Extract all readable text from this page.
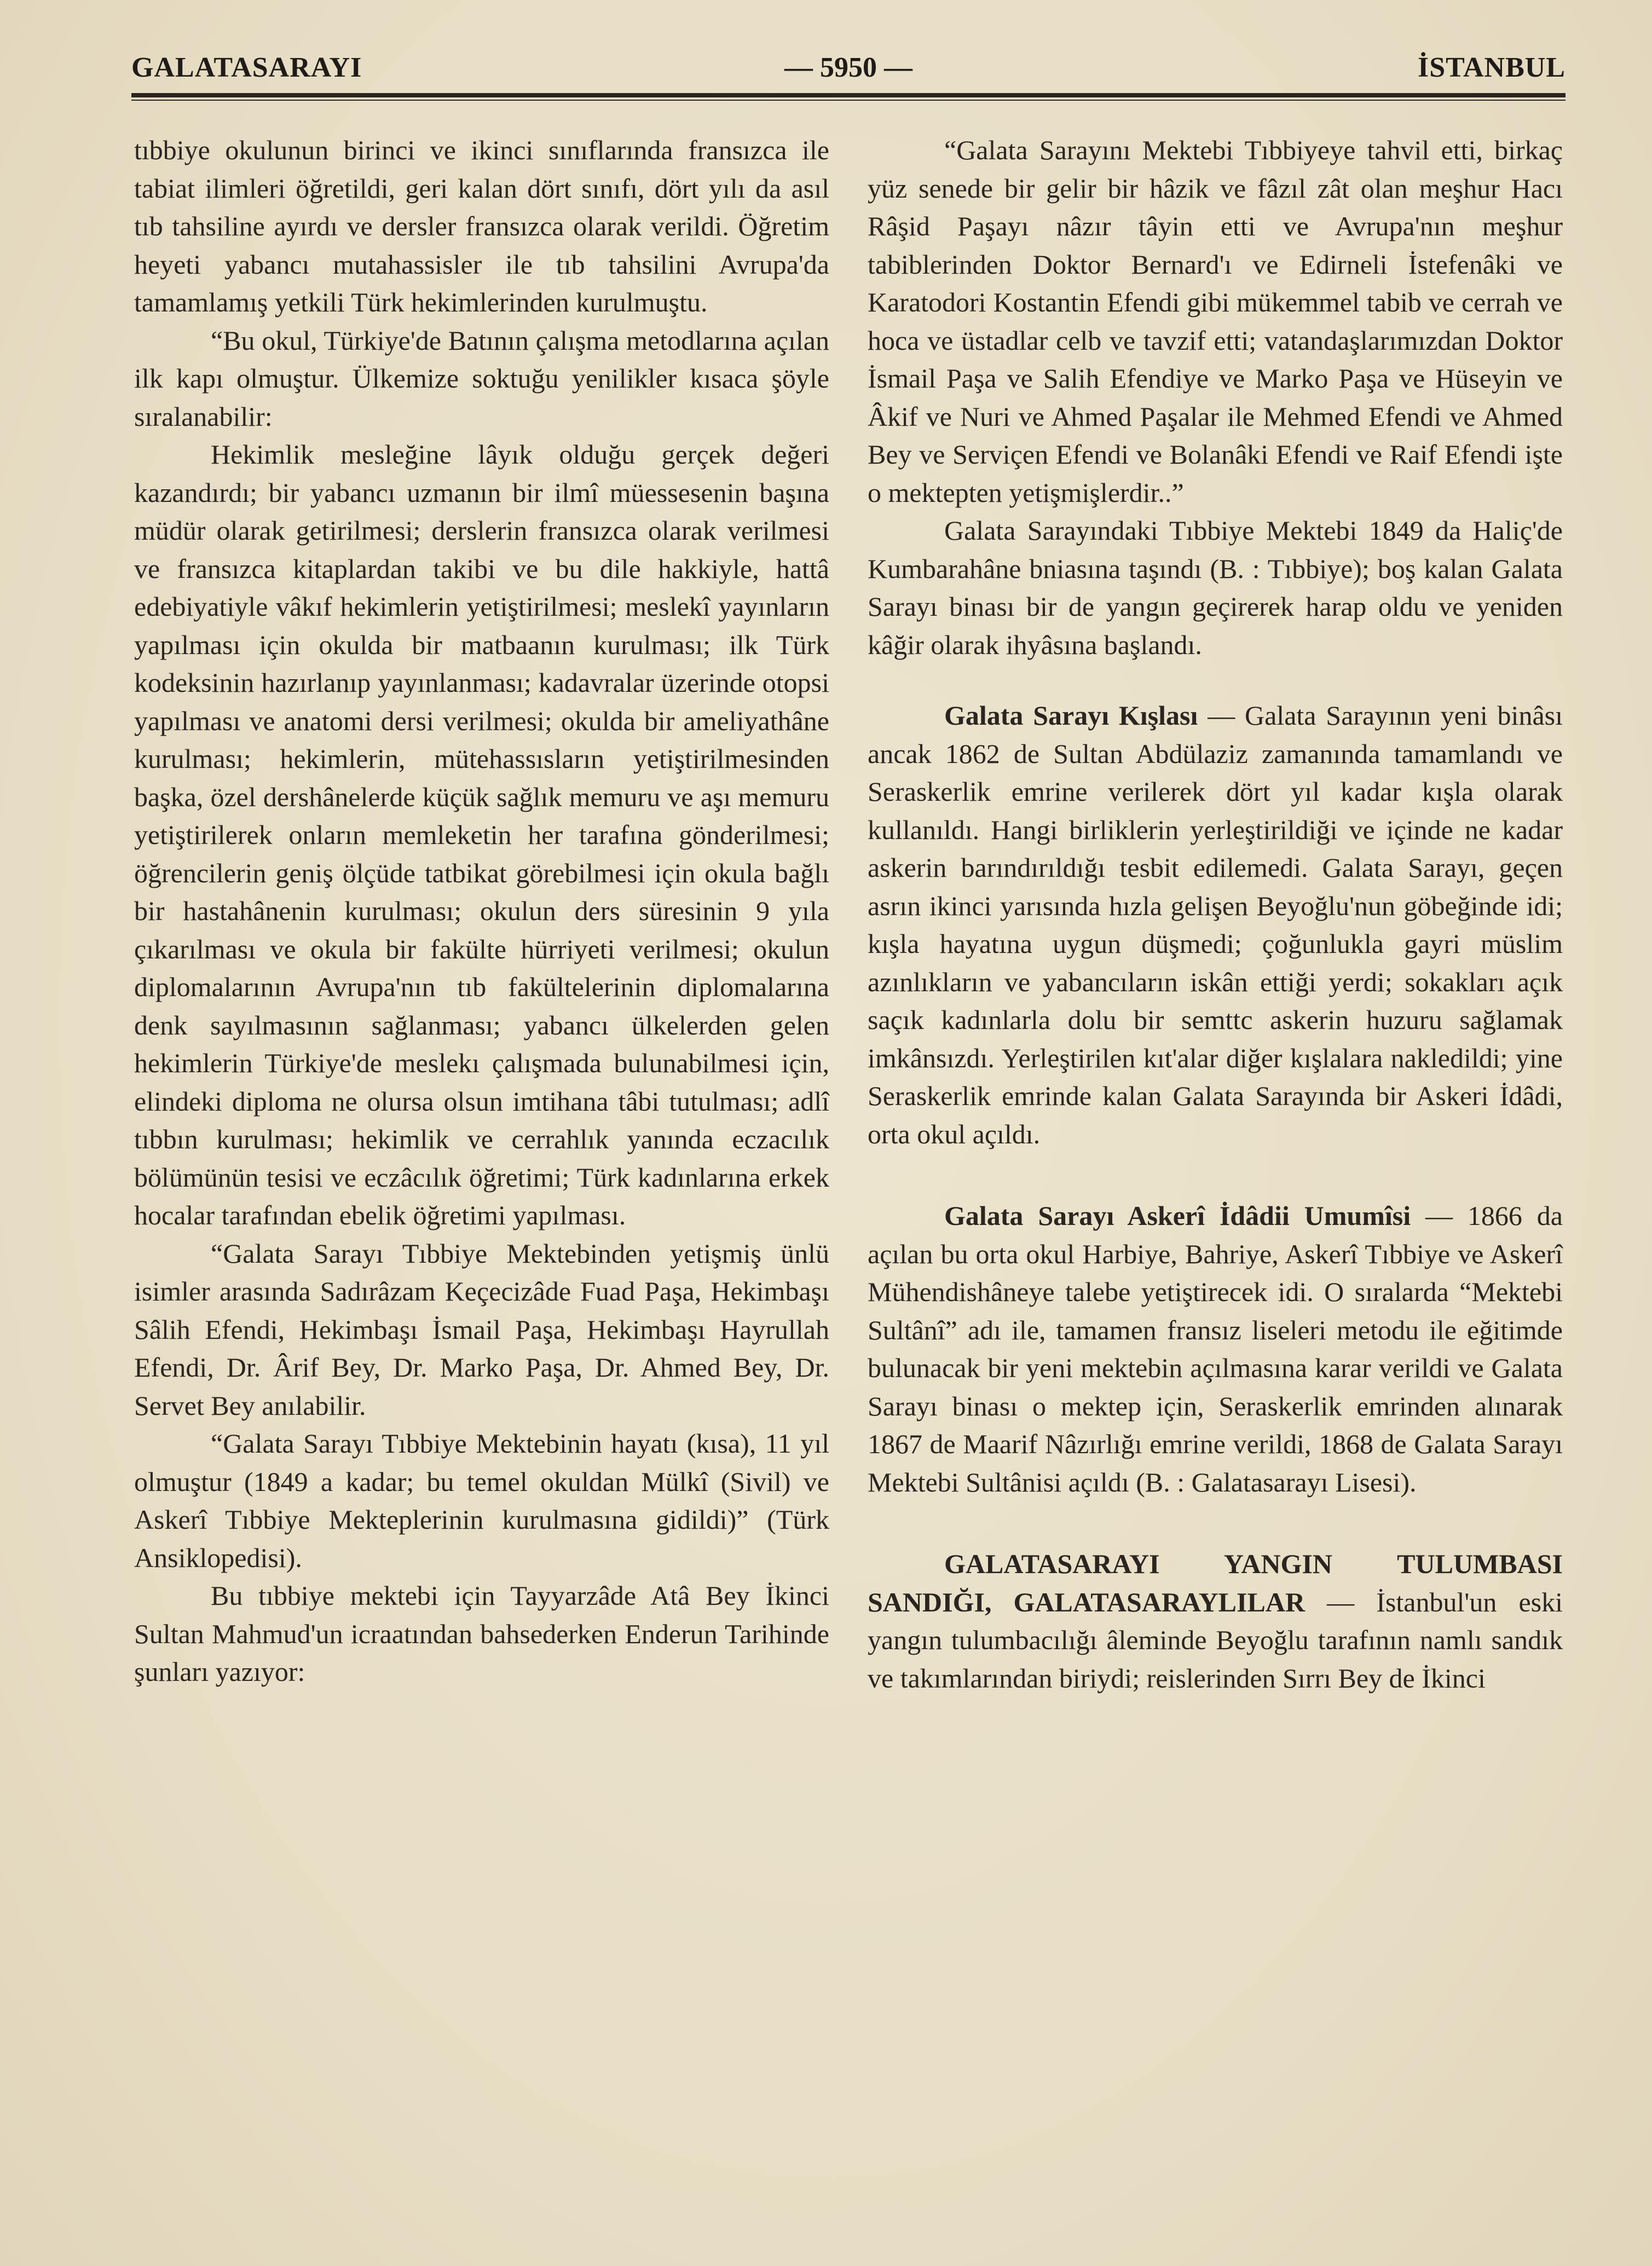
GALATASARAYI	— 5950 —	İSTANBUL

tıbbiye okulunun birinci ve ikinci sınıflarında fransızca ile tabiat ilimleri öğretildi, geri kalan dört sınıfı, dört yılı da asıl tıb tahsiline ayırdı ve dersler fransızca olarak verildi. Öğretim heyeti yabancı mutahassisler ile tıb tahsilini Avrupa'da tamamlamış yetkili Türk hekimlerinden kurulmuştu.

“Bu okul, Türkiye'de Batının çalışma metodlarına açılan ilk kapı olmuştur. Ülkemize soktuğu yenilikler kısaca şöyle sıralanabilir:

Hekimlik mesleğine lâyık olduğu gerçek değeri kazandırdı; bir yabancı uzmanın bir ilmî müessesenin başına müdür olarak getirilmesi; derslerin fransızca olarak verilmesi ve fransızca kitaplardan takibi ve bu dile hakkiyle, hattâ edebiyatiyle vâkıf hekimlerin yetiştirilmesi; meslekî yayınların yapılması için okulda bir matbaanın kurulması; ilk Türk kodeksinin hazırlanıp yayınlanması; kadavralar üzerinde otopsi yapılması ve anatomi dersi verilmesi; okulda bir ameliyathâne kurulması; hekimlerin, mütehassısların yetiştirilmesinden başka, özel dershânelerde küçük sağlık memuru ve aşı memuru yetiştirilerek onların memleketin her tarafına gönderilmesi; öğrencilerin geniş ölçüde tatbikat görebilmesi için okula bağlı bir hastahânenin kurulması; okulun ders süresinin 9 yıla çıkarılması ve okula bir fakülte hürriyeti verilmesi; okulun diplomalarının Avrupa'nın tıb fakültelerinin diplomalarına denk sayılmasının sağlanması; yabancı ülkelerden gelen hekimlerin Türkiye'de meslekı çalışmada bulunabilmesi için, elindeki diploma ne olursa olsun imtihana tâbi tutulması; adlî tıbbın kurulması; hekimlik ve cerrahlık yanında eczacılık bölümünün tesisi ve eczâcılık öğretimi; Türk kadınlarına erkek hocalar tarafından ebelik öğretimi yapılması.

“Galata Sarayı Tıbbiye Mektebinden yetişmiş ünlü isimler arasında Sadırâzam Keçecizâde Fuad Paşa, Hekimbaşı Sâlih Efendi, Hekimbaşı İsmail Paşa, Hekimbaşı Hayrullah Efendi, Dr. Ârif Bey, Dr. Marko Paşa, Dr. Ahmed Bey, Dr. Servet Bey anılabilir.

“Galata Sarayı Tıbbiye Mektebinin hayatı (kısa), 11 yıl olmuştur (1849 a kadar; bu temel okuldan Mülkî (Sivil) ve Askerî Tıbbiye Mekteplerinin kurulmasına gidildi)” (Türk Ansiklopedisi).

Bu tıbbiye mektebi için Tayyarzâde Atâ Bey İkinci Sultan Mahmud'un icraatından bahsederken Enderun Tarihinde şunları yazıyor:

“Galata Sarayını Mektebi Tıbbiyeye tahvil etti, birkaç yüz senede bir gelir bir hâzik ve fâzıl zât olan meşhur Hacı Râşid Paşayı nâzır tâyin etti ve Avrupa'nın meşhur tabiblerinden Doktor Bernard'ı ve Edirneli İstefenâki ve Karatodori Kostantin Efendi gibi mükemmel tabib ve cerrah ve hoca ve üstadlar celb ve tavzif etti; vatandaşlarımızdan Doktor İsmail Paşa ve Salih Efendiye ve Marko Paşa ve Hüseyin ve Âkif ve Nuri ve Ahmed Paşalar ile Mehmed Efendi ve Ahmed Bey ve Serviçen Efendi ve Bolanâki Efendi ve Raif Efendi işte o mektepten yetişmişlerdir..”

Galata Sarayındaki Tıbbiye Mektebi 1849 da Haliç'de Kumbarahâne bniasına taşındı (B. : Tıbbiye); boş kalan Galata Sarayı binası bir de yangın geçirerek harap oldu ve yeniden kâğir olarak ihyâsına başlandı.

Galata Sarayı Kışlası — Galata Sarayının yeni binâsı ancak 1862 de Sultan Abdülaziz zamanında tamamlandı ve Seraskerlik emrine verilerek dört yıl kadar kışla olarak kullanıldı. Hangi birliklerin yerleştirildiği ve içinde ne kadar askerin barındırıldığı tesbit edilemedi. Galata Sarayı, geçen asrın ikinci yarısında hızla gelişen Beyoğlu'nun göbeğinde idi; kışla hayatına uygun düşmedi; çoğunlukla gayri müslim azınlıkların ve yabancıların iskân ettiği yerdi; sokakları açık saçık kadınlarla dolu bir semttc askerin huzuru sağlamak imkânsızdı. Yerleştirilen kıt'alar diğer kışlalara nakledildi; yine Seraskerlik emrinde kalan Galata Sarayında bir Askeri İdâdi, orta okul açıldı.

Galata Sarayı Askerî İdâdii Umumîsi — 1866 da açılan bu orta okul Harbiye, Bahriye, Askerî Tıbbiye ve Askerî Mühendishâneye talebe yetiştirecek idi. O sıralarda “Mektebi Sultânî” adı ile, tamamen fransız liseleri metodu ile eğitimde bulunacak bir yeni mektebin açılmasına karar verildi ve Galata Sarayı binası o mektep için, Seraskerlik emrinden alınarak 1867 de Maarif Nâzırlığı emrine verildi, 1868 de Galata Sarayı Mektebi Sultânisi açıldı (B. : Galatasarayı Lisesi).

GALATASARAYI YANGIN TULUMBASI SANDIĞI, GALATASARAYLILAR — İstanbul'un eski yangın tulumbacılığı âleminde Beyoğlu tarafının namlı sandık ve takımlarından biriydi; reislerinden Sırrı Bey de İkinci
